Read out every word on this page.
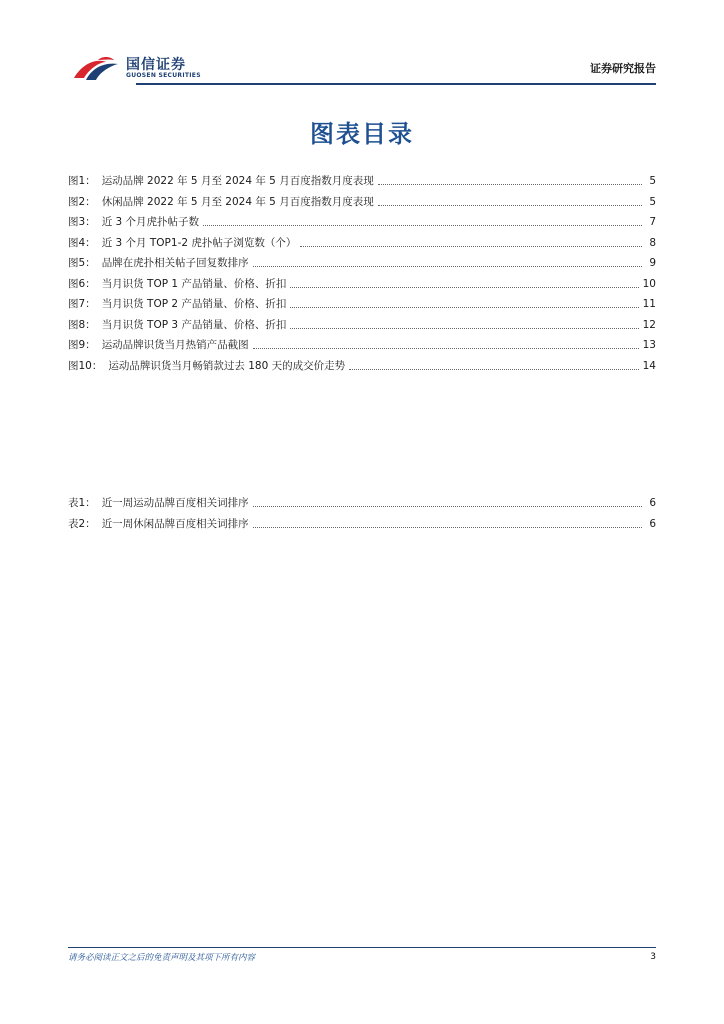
国信证券
GUOSEN SECURITIES
证券研究报告
图表目录
图1： 运动品牌 2022 年 5 月至 2024 年 5 月百度指数月度表现	5
图2： 休闲品牌 2022 年 5 月至 2024 年 5 月百度指数月度表现	5
图3： 近 3 个月虎扑帖子数	7
图4： 近 3 个月 TOP1-2 虎扑帖子浏览数（个）	8
图5： 品牌在虎扑相关帖子回复数排序	9
图6： 当月识货 TOP 1 产品销量、价格、折扣	10
图7： 当月识货 TOP 2 产品销量、价格、折扣	11
图8： 当月识货 TOP 3 产品销量、价格、折扣	12
图9： 运动品牌识货当月热销产品截图	13
图10： 运动品牌识货当月畅销款过去 180 天的成交价走势	14
表1： 近一周运动品牌百度相关词排序	6
表2： 近一周休闲品牌百度相关词排序	6
请务必阅读正文之后的免责声明及其项下所有内容	3
